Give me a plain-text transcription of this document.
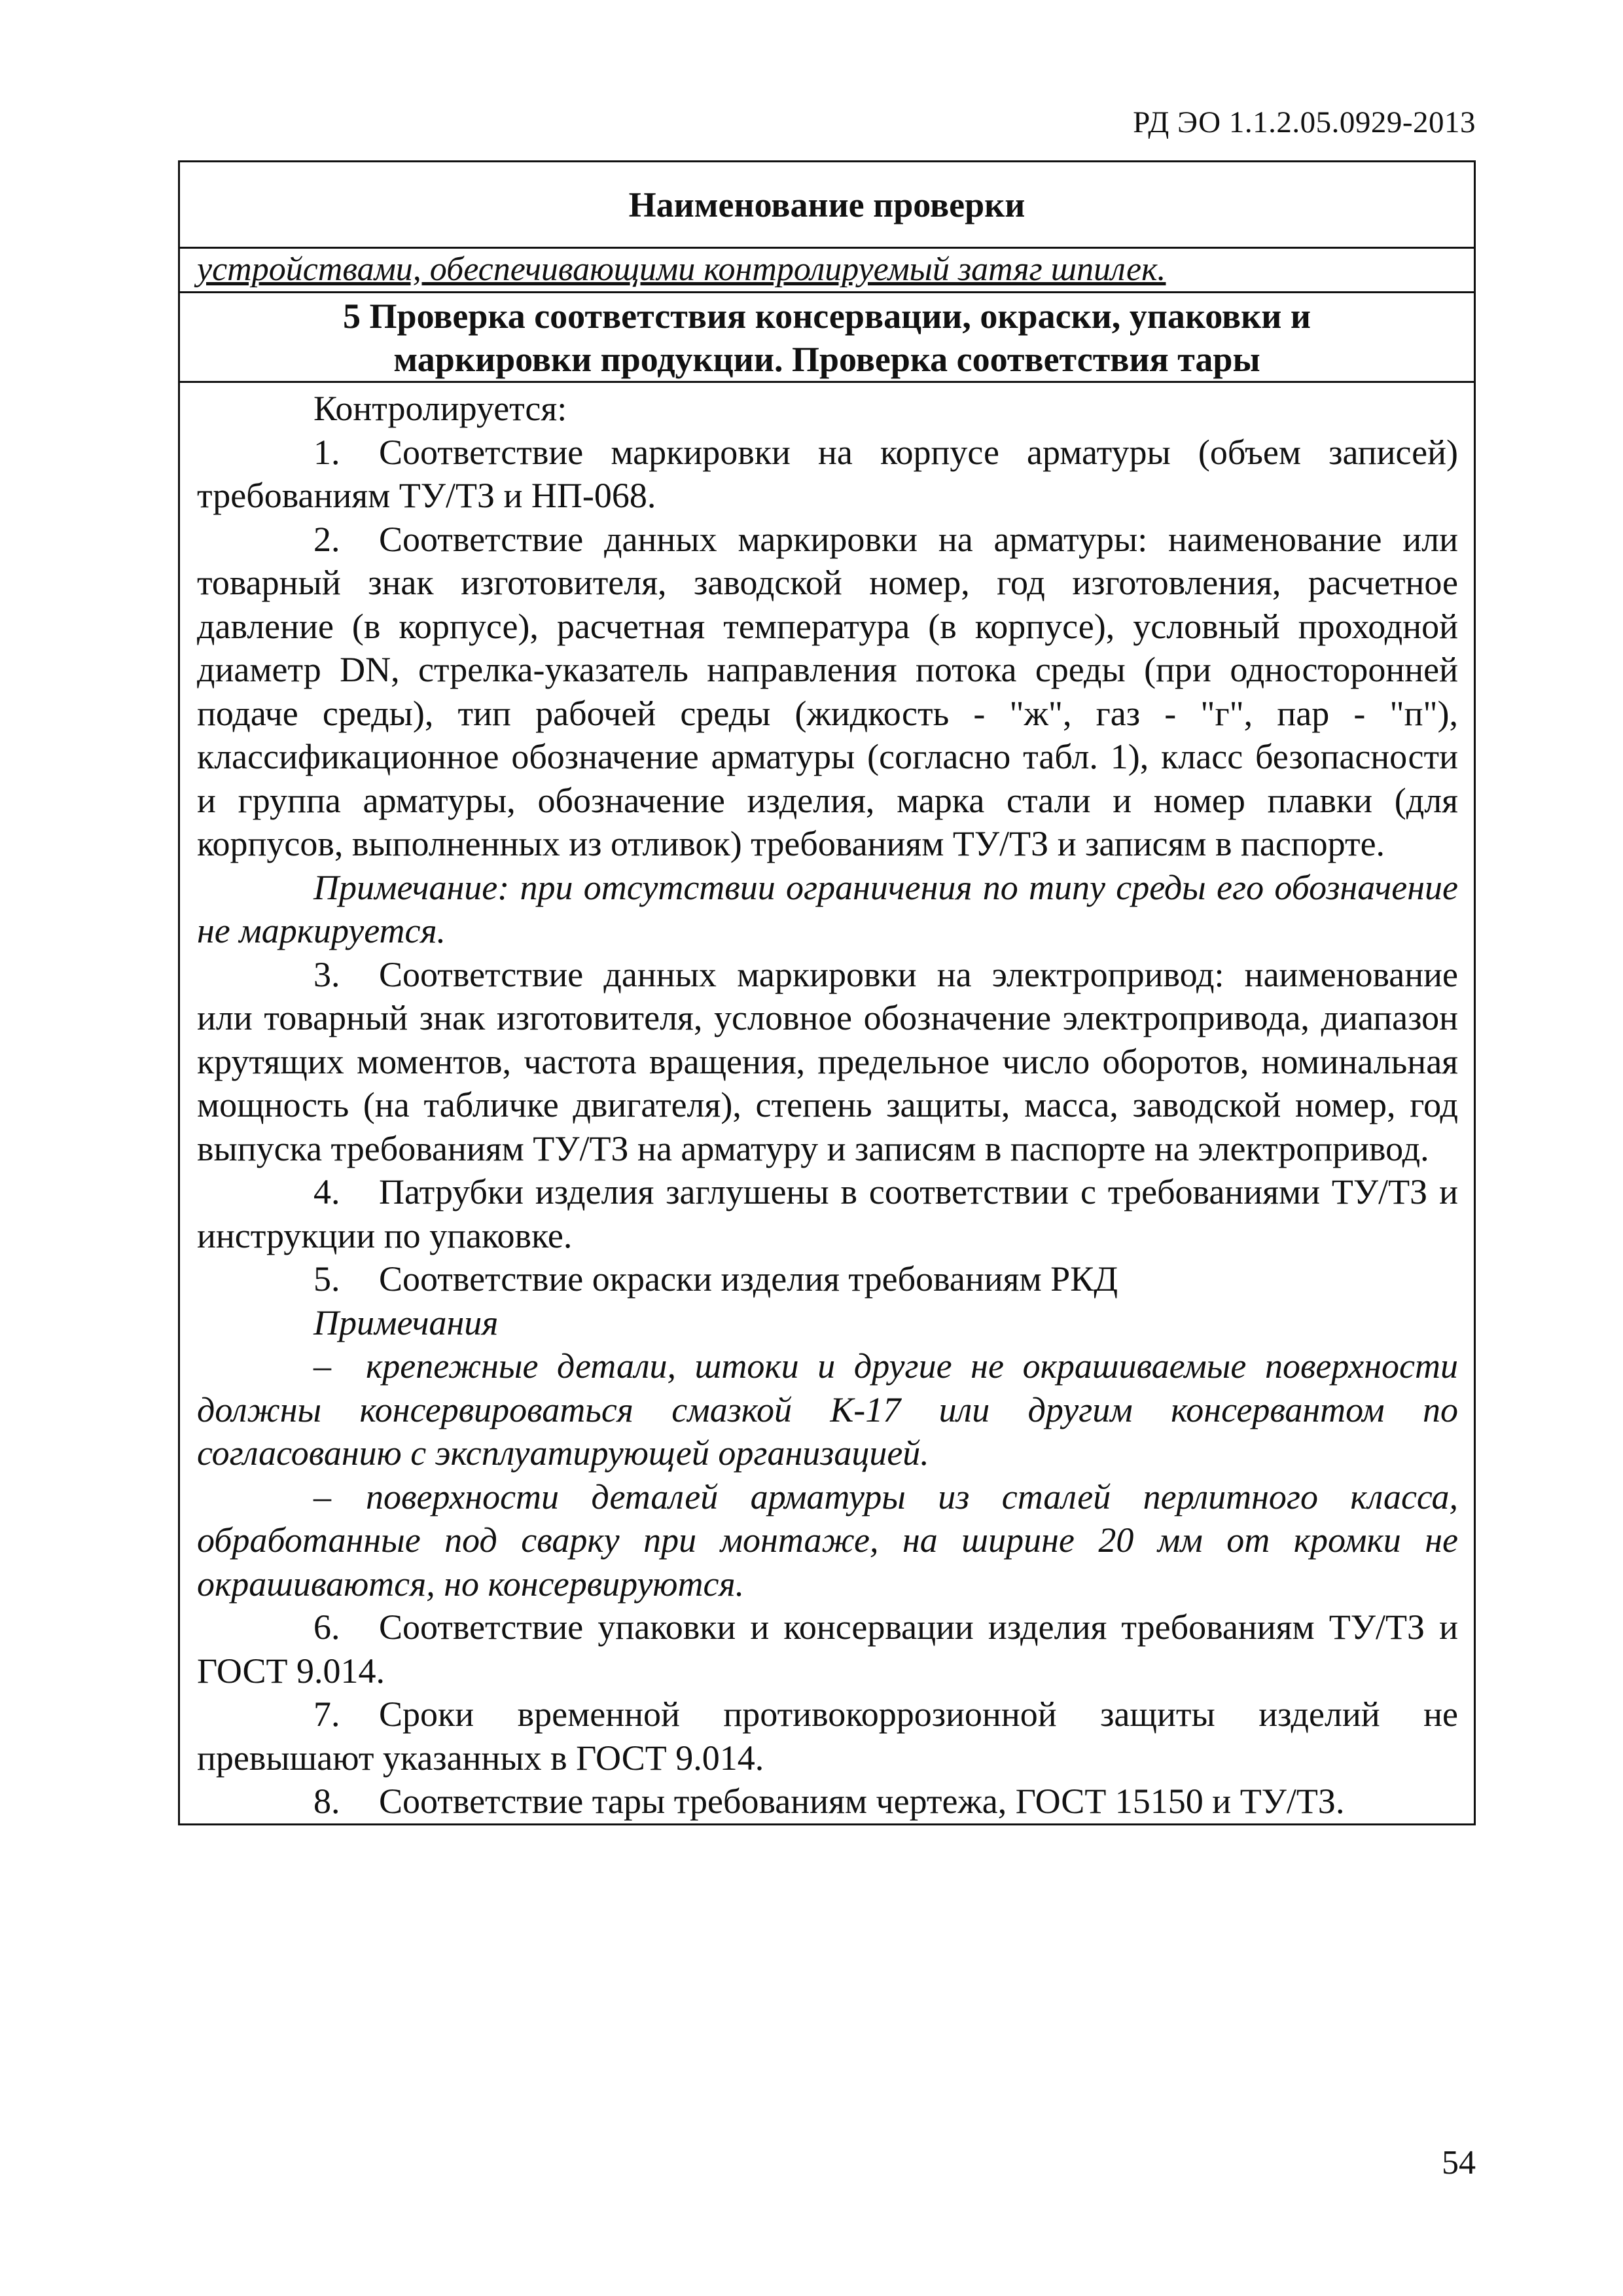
РД ЭО 1.1.2.05.0929-2013
Наименование проверки
устройствами, обеспечивающими контролируемый затяг шпилек.
5 Проверка соответствия консервации, окраски, упаковки и
маркировки продукции. Проверка соответствия тары

Контролируется:

1. Соответствие маркировки на корпусе арматуры (объем записей) требованиям ТУ/ТЗ и НП-068.

2. Соответствие данных маркировки на арматуры: наименование или товарный знак изготовителя, заводской номер, год изготовления, расчетное давление (в корпусе), расчетная температура (в корпусе), условный проходной диаметр DN, стрелка-указатель направления потока среды (при односторонней подаче среды), тип рабочей среды (жидкость - "ж", газ - "г", пар - "п"), классификационное обозначение арматуры (согласно табл. 1), класс безопасности и группа арматуры, обозначение изделия, марка стали и номер плавки (для корпусов, выполненных из отливок) требованиям ТУ/ТЗ и записям в паспорте.

Примечание: при отсутствии ограничения по типу среды его обозначение не маркируется.

3. Соответствие данных маркировки на электропривод: наименование или товарный знак изготовителя, условное обозначение электропривода, диапазон крутящих моментов, частота вращения, предельное число оборотов, номинальная мощность (на табличке двигателя), степень защиты, масса, заводской номер, год выпуска требованиям ТУ/ТЗ на арматуру и записям в паспорте на электропривод.

4. Патрубки изделия заглушены в соответствии с требованиями ТУ/ТЗ и инструкции по упаковке.

5. Соответствие окраски изделия требованиям РКД

Примечания

– крепежные детали, штоки и другие не окрашиваемые поверхности должны консервироваться смазкой К-17 или другим консервантом по согласованию с эксплуатирующей организацией.

– поверхности деталей арматуры из сталей перлитного класса, обработанные под сварку при монтаже, на ширине 20 мм от кромки не окрашиваются, но консервируются.

6. Соответствие упаковки и консервации изделия требованиям ТУ/ТЗ и ГОСТ 9.014.

7. Сроки временной противокоррозионной защиты изделий не превышают указанных в ГОСТ 9.014.

8. Соответствие тары требованиям чертежа, ГОСТ 15150 и ТУ/ТЗ.

54
